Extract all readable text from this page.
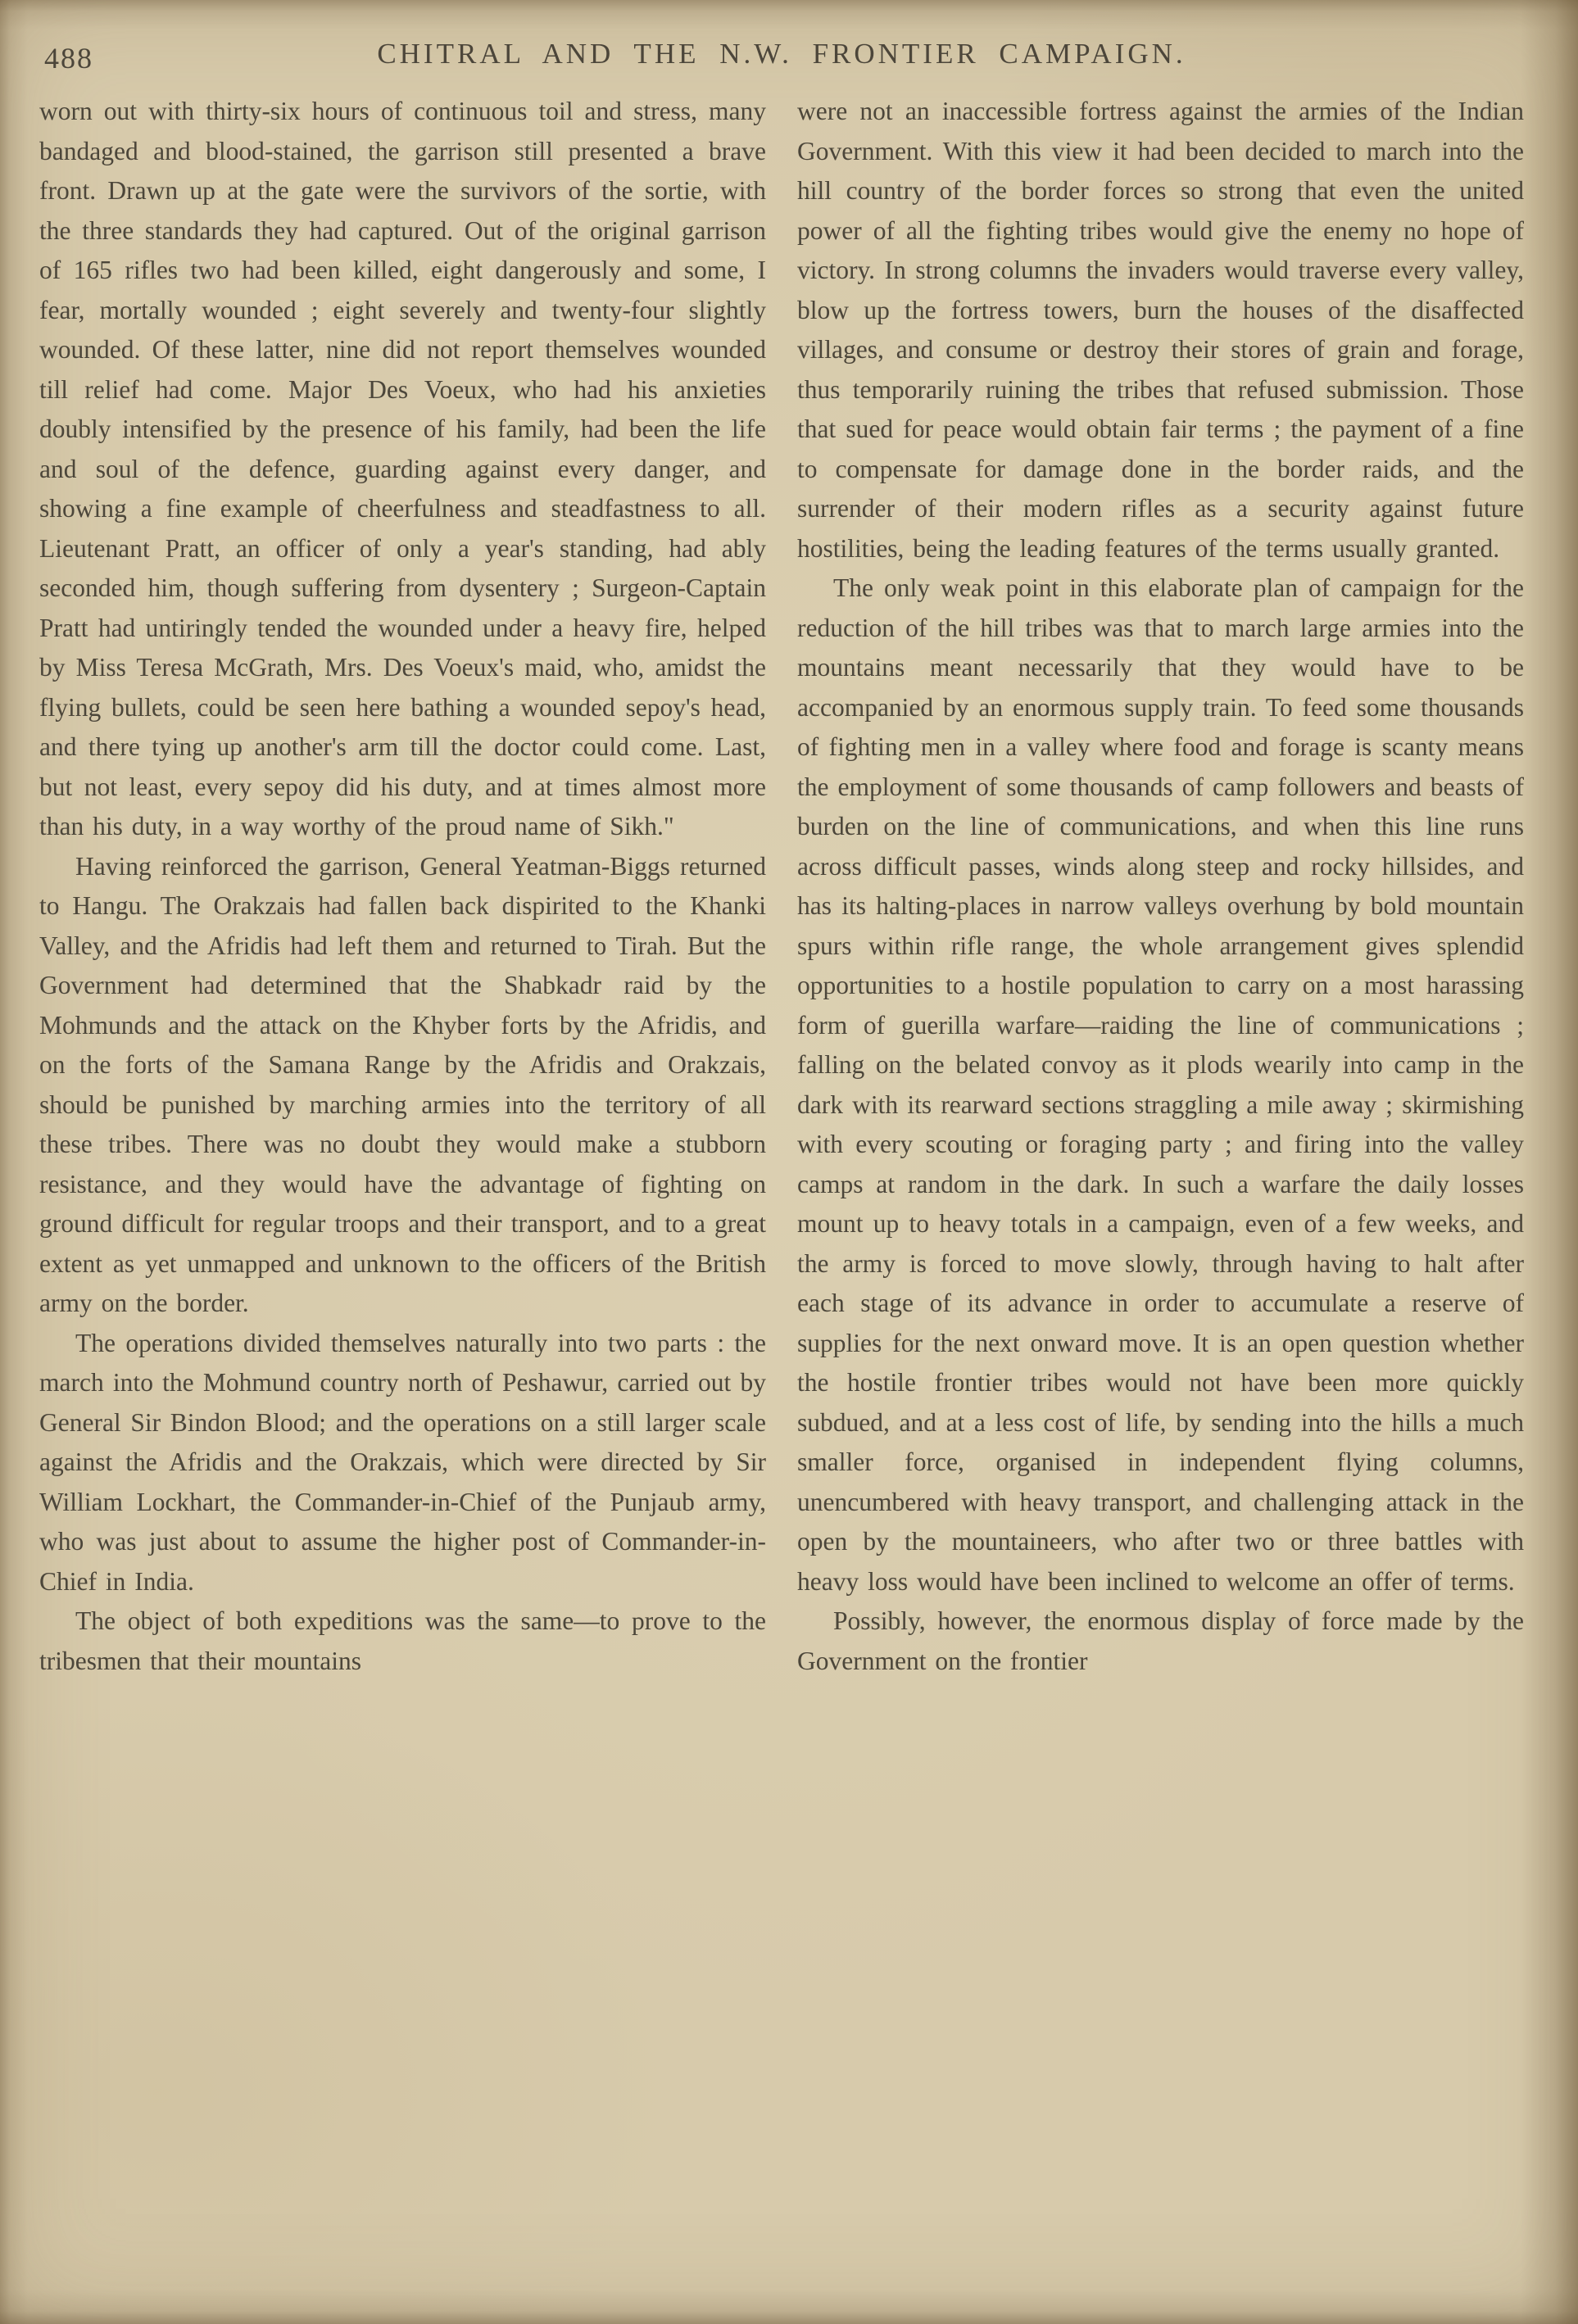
488	CHITRAL AND THE N.W. FRONTIER CAMPAIGN.

worn out with thirty-six hours of continuous toil and stress, many bandaged and blood-stained, the garrison still presented a brave front. Drawn up at the gate were the survivors of the sortie, with the three standards they had captured. Out of the original garrison of 165 rifles two had been killed, eight dangerously and some, I fear, mortally wounded ; eight severely and twenty-four slightly wounded. Of these latter, nine did not report themselves wounded till relief had come. Major Des Voeux, who had his anxieties doubly intensified by the presence of his family, had been the life and soul of the defence, guarding against every danger, and showing a fine example of cheerfulness and steadfastness to all. Lieutenant Pratt, an officer of only a year's standing, had ably seconded him, though suffering from dysentery ; Surgeon-Captain Pratt had untiringly tended the wounded under a heavy fire, helped by Miss Teresa McGrath, Mrs. Des Voeux's maid, who, amidst the flying bullets, could be seen here bathing a wounded sepoy's head, and there tying up another's arm till the doctor could come. Last, but not least, every sepoy did his duty, and at times almost more than his duty, in a way worthy of the proud name of Sikh."

Having reinforced the garrison, General Yeatman-Biggs returned to Hangu. The Orakzais had fallen back dispirited to the Khanki Valley, and the Afridis had left them and returned to Tirah. But the Government had determined that the Shabkadr raid by the Mohmunds and the attack on the Khyber forts by the Afridis, and on the forts of the Samana Range by the Afridis and Orakzais, should be punished by marching armies into the territory of all these tribes. There was no doubt they would make a stubborn resistance, and they would have the advantage of fighting on ground difficult for regular troops and their transport, and to a great extent as yet unmapped and unknown to the officers of the British army on the border.

The operations divided themselves naturally into two parts : the march into the Mohmund country north of Peshawur, carried out by General Sir Bindon Blood; and the operations on a still larger scale against the Afridis and the Orakzais, which were directed by Sir William Lockhart, the Commander-in-Chief of the Punjaub army, who was just about to assume the higher post of Commander-in-Chief in India.

The object of both expeditions was the same—to prove to the tribesmen that their mountains

were not an inaccessible fortress against the armies of the Indian Government. With this view it had been decided to march into the hill country of the border forces so strong that even the united power of all the fighting tribes would give the enemy no hope of victory. In strong columns the invaders would traverse every valley, blow up the fortress towers, burn the houses of the disaffected villages, and consume or destroy their stores of grain and forage, thus temporarily ruining the tribes that refused submission. Those that sued for peace would obtain fair terms ; the payment of a fine to compensate for damage done in the border raids, and the surrender of their modern rifles as a security against future hostilities, being the leading features of the terms usually granted.

The only weak point in this elaborate plan of campaign for the reduction of the hill tribes was that to march large armies into the mountains meant necessarily that they would have to be accompanied by an enormous supply train. To feed some thousands of fighting men in a valley where food and forage is scanty means the employment of some thousands of camp followers and beasts of burden on the line of communications, and when this line runs across difficult passes, winds along steep and rocky hillsides, and has its halting-places in narrow valleys overhung by bold mountain spurs within rifle range, the whole arrangement gives splendid opportunities to a hostile population to carry on a most harassing form of guerilla warfare—raiding the line of communications ; falling on the belated convoy as it plods wearily into camp in the dark with its rearward sections straggling a mile away ; skirmishing with every scouting or foraging party ; and firing into the valley camps at random in the dark. In such a warfare the daily losses mount up to heavy totals in a campaign, even of a few weeks, and the army is forced to move slowly, through having to halt after each stage of its advance in order to accumulate a reserve of supplies for the next onward move. It is an open question whether the hostile frontier tribes would not have been more quickly subdued, and at a less cost of life, by sending into the hills a much smaller force, organised in independent flying columns, unencumbered with heavy transport, and challenging attack in the open by the mountaineers, who after two or three battles with heavy loss would have been inclined to welcome an offer of terms.

Possibly, however, the enormous display of force made by the Government on the frontier
